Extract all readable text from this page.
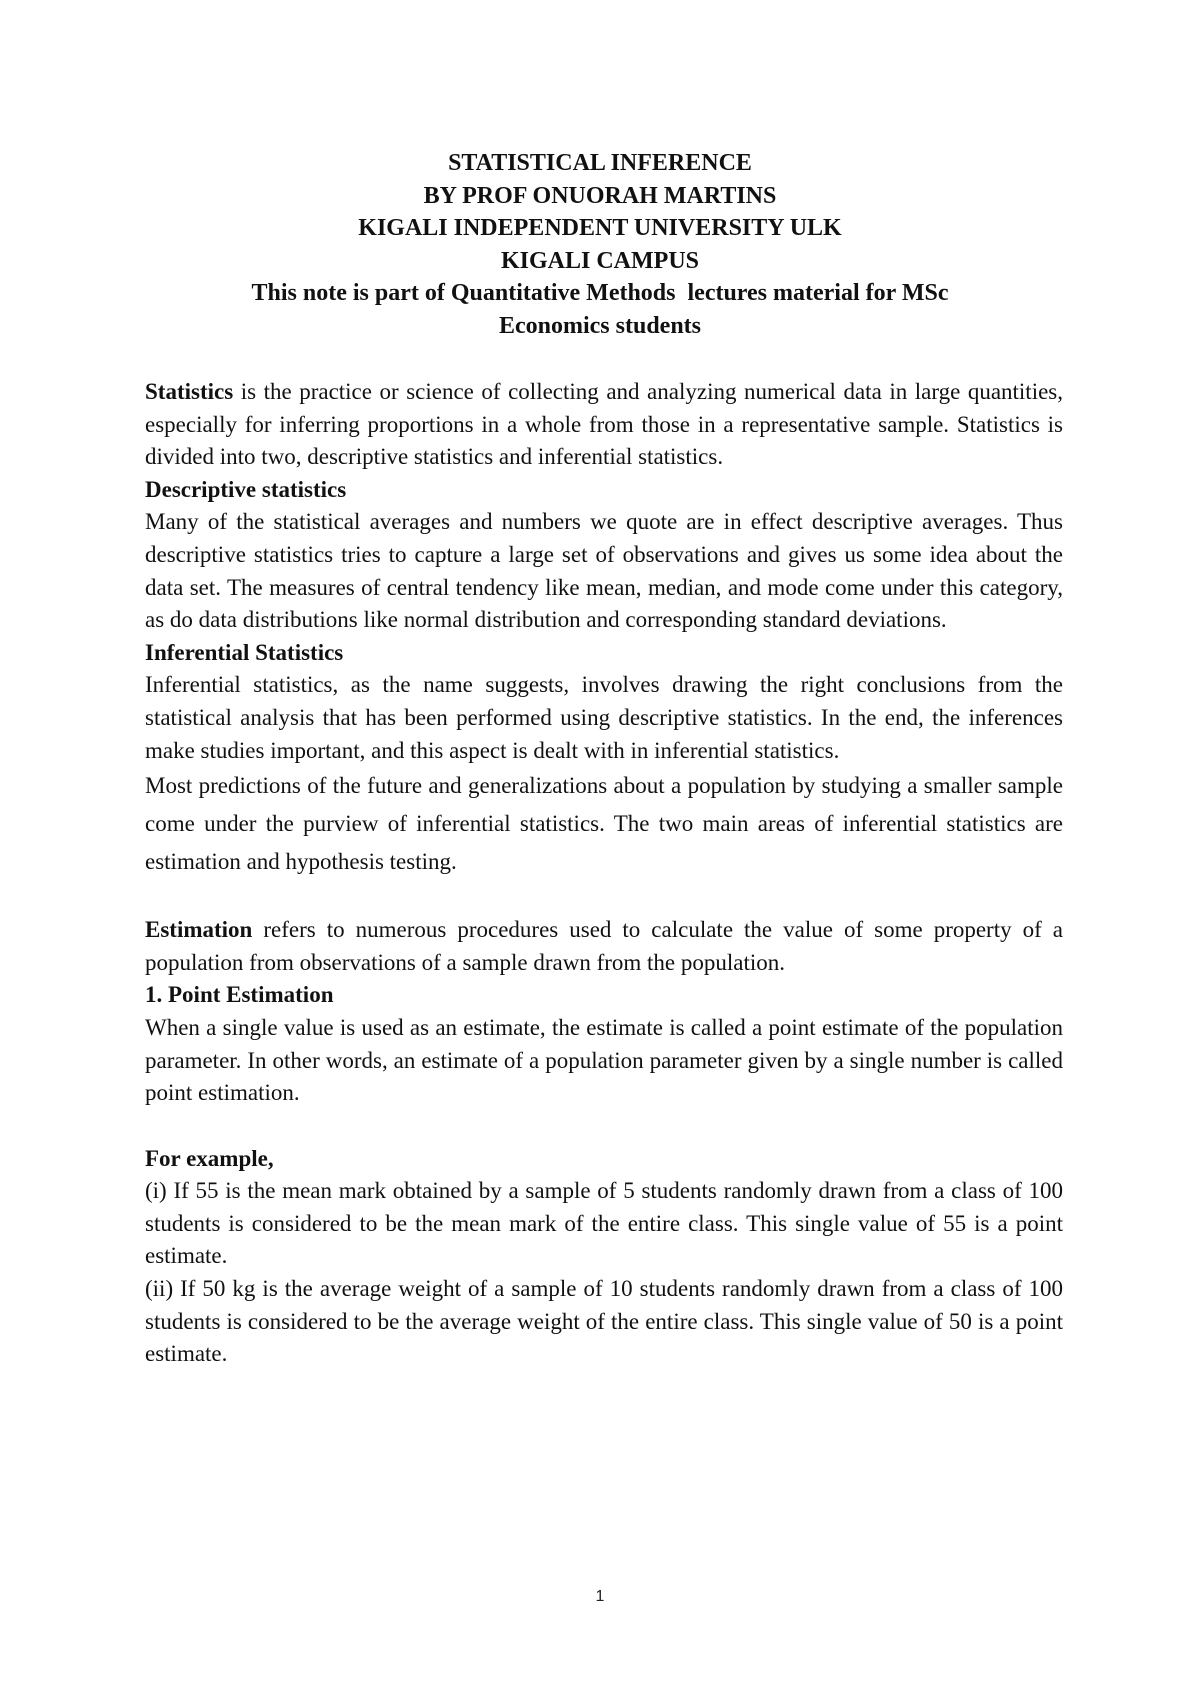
STATISTICAL INFERENCE
BY PROF ONUORAH MARTINS
KIGALI INDEPENDENT UNIVERSITY ULK
KIGALI CAMPUS
This note is part of Quantitative Methods  lectures material for MSc
Economics students

Statistics is the practice or science of collecting and analyzing numerical data in large quantities, especially for inferring proportions in a whole from those in a representative sample. Statistics is divided into two, descriptive statistics and inferential statistics.

Descriptive statistics

Many of the statistical averages and numbers we quote are in effect descriptive averages. Thus descriptive statistics tries to capture a large set of observations and gives us some idea about the data set. The measures of central tendency like mean, median, and mode come under this category, as do data distributions like normal distribution and corresponding standard deviations.

Inferential Statistics

Inferential statistics, as the name suggests, involves drawing the right conclusions from the statistical analysis that has been performed using descriptive statistics. In the end, the inferences make studies important, and this aspect is dealt with in inferential statistics.

Most predictions of the future and generalizations about a population by studying a smaller sample come under the purview of inferential statistics. The two main areas of inferential statistics are estimation and hypothesis testing.

Estimation refers to numerous procedures used to calculate the value of some property of a population from observations of a sample drawn from the population.

1. Point Estimation

When a single value is used as an estimate, the estimate is called a point estimate of the population parameter. In other words, an estimate of a population parameter given by a single number is called point estimation.

For example,

(i) If 55 is the mean mark obtained by a sample of 5 students randomly drawn from a class of 100 students is considered to be the mean mark of the entire class. This single value of 55 is a point estimate.

(ii) If 50 kg is the average weight of a sample of 10 students randomly drawn from a class of 100 students is considered to be the average weight of the entire class. This single value of 50 is a point estimate.

1
